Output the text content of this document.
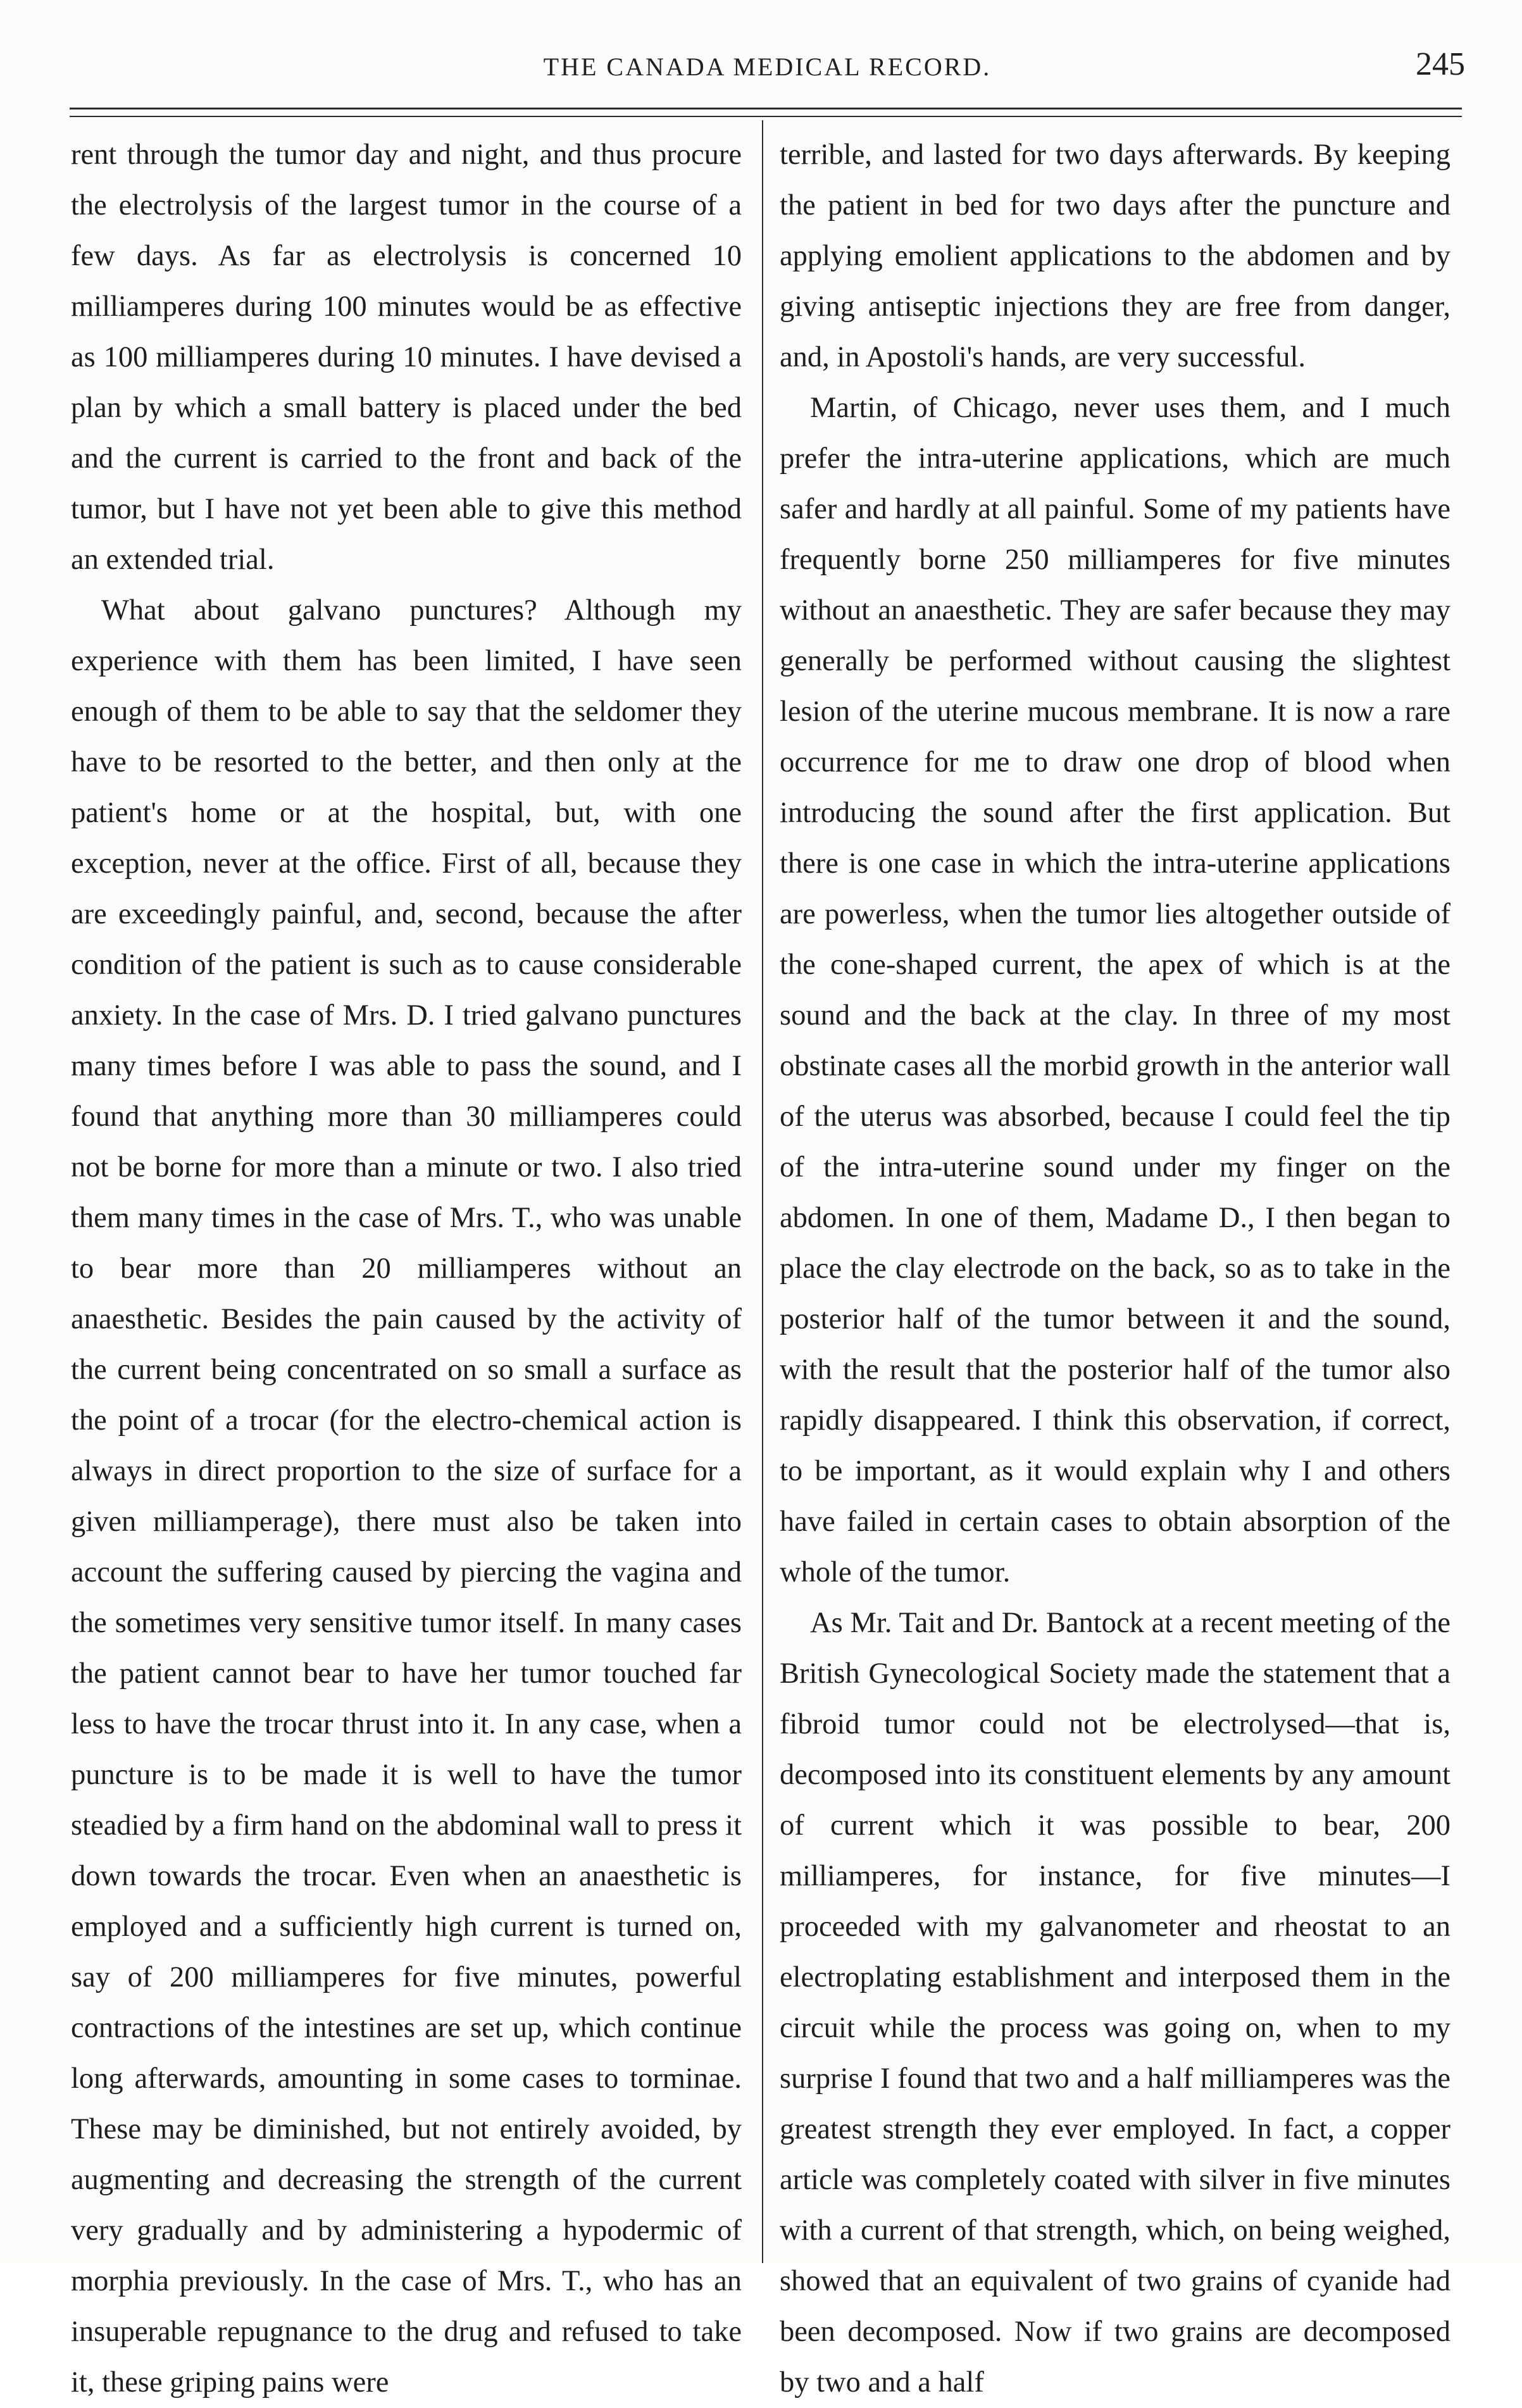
THE CANADA MEDICAL RECORD.	245

rent through the tumor day and night, and thus procure the electrolysis of the largest tumor in the course of a few days. As far as electrolysis is concerned 10 milliamperes during 100 minutes would be as effective as 100 milliamperes during 10 minutes. I have devised a plan by which a small battery is placed under the bed and the current is carried to the front and back of the tumor, but I have not yet been able to give this method an extended trial.

What about galvano punctures? Although my experience with them has been limited, I have seen enough of them to be able to say that the seldomer they have to be resorted to the better, and then only at the patient's home or at the hospital, but, with one exception, never at the office. First of all, because they are exceedingly painful, and, second, because the after condition of the patient is such as to cause considerable anxiety. In the case of Mrs. D. I tried galvano punctures many times before I was able to pass the sound, and I found that anything more than 30 milliamperes could not be borne for more than a minute or two. I also tried them many times in the case of Mrs. T., who was unable to bear more than 20 milliamperes without an anaesthetic. Besides the pain caused by the activity of the current being concentrated on so small a surface as the point of a trocar (for the electro-chemical action is always in direct proportion to the size of surface for a given milliamperage), there must also be taken into account the suffering caused by piercing the vagina and the sometimes very sensitive tumor itself. In many cases the patient cannot bear to have her tumor touched far less to have the trocar thrust into it. In any case, when a puncture is to be made it is well to have the tumor steadied by a firm hand on the abdominal wall to press it down towards the trocar. Even when an anaesthetic is employed and a sufficiently high current is turned on, say of 200 milliamperes for five minutes, powerful contractions of the intestines are set up, which continue long afterwards, amounting in some cases to torminae. These may be diminished, but not entirely avoided, by augmenting and decreasing the strength of the current very gradually and by administering a hypodermic of morphia previously. In the case of Mrs. T., who has an insuperable repugnance to the drug and refused to take it, these griping pains were

terrible, and lasted for two days afterwards. By keeping the patient in bed for two days after the puncture and applying emolient applications to the abdomen and by giving antiseptic injections they are free from danger, and, in Apostoli's hands, are very successful.

Martin, of Chicago, never uses them, and I much prefer the intra-uterine applications, which are much safer and hardly at all painful. Some of my patients have frequently borne 250 milliamperes for five minutes without an anaesthetic. They are safer because they may generally be performed without causing the slightest lesion of the uterine mucous membrane. It is now a rare occurrence for me to draw one drop of blood when introducing the sound after the first application. But there is one case in which the intra-uterine applications are powerless, when the tumor lies altogether outside of the cone-shaped current, the apex of which is at the sound and the back at the clay. In three of my most obstinate cases all the morbid growth in the anterior wall of the uterus was absorbed, because I could feel the tip of the intra-uterine sound under my finger on the abdomen. In one of them, Madame D., I then began to place the clay electrode on the back, so as to take in the posterior half of the tumor between it and the sound, with the result that the posterior half of the tumor also rapidly disappeared. I think this observation, if correct, to be important, as it would explain why I and others have failed in certain cases to obtain absorption of the whole of the tumor.

As Mr. Tait and Dr. Bantock at a recent meeting of the British Gynecological Society made the statement that a fibroid tumor could not be electrolysed—that is, decomposed into its constituent elements by any amount of current which it was possible to bear, 200 milliamperes, for instance, for five minutes—I proceeded with my galvanometer and rheostat to an electroplating establishment and interposed them in the circuit while the process was going on, when to my surprise I found that two and a half milliamperes was the greatest strength they ever employed. In fact, a copper article was completely coated with silver in five minutes with a current of that strength, which, on being weighed, showed that an equivalent of two grains of cyanide had been decomposed. Now if two grains are decomposed by two and a half
